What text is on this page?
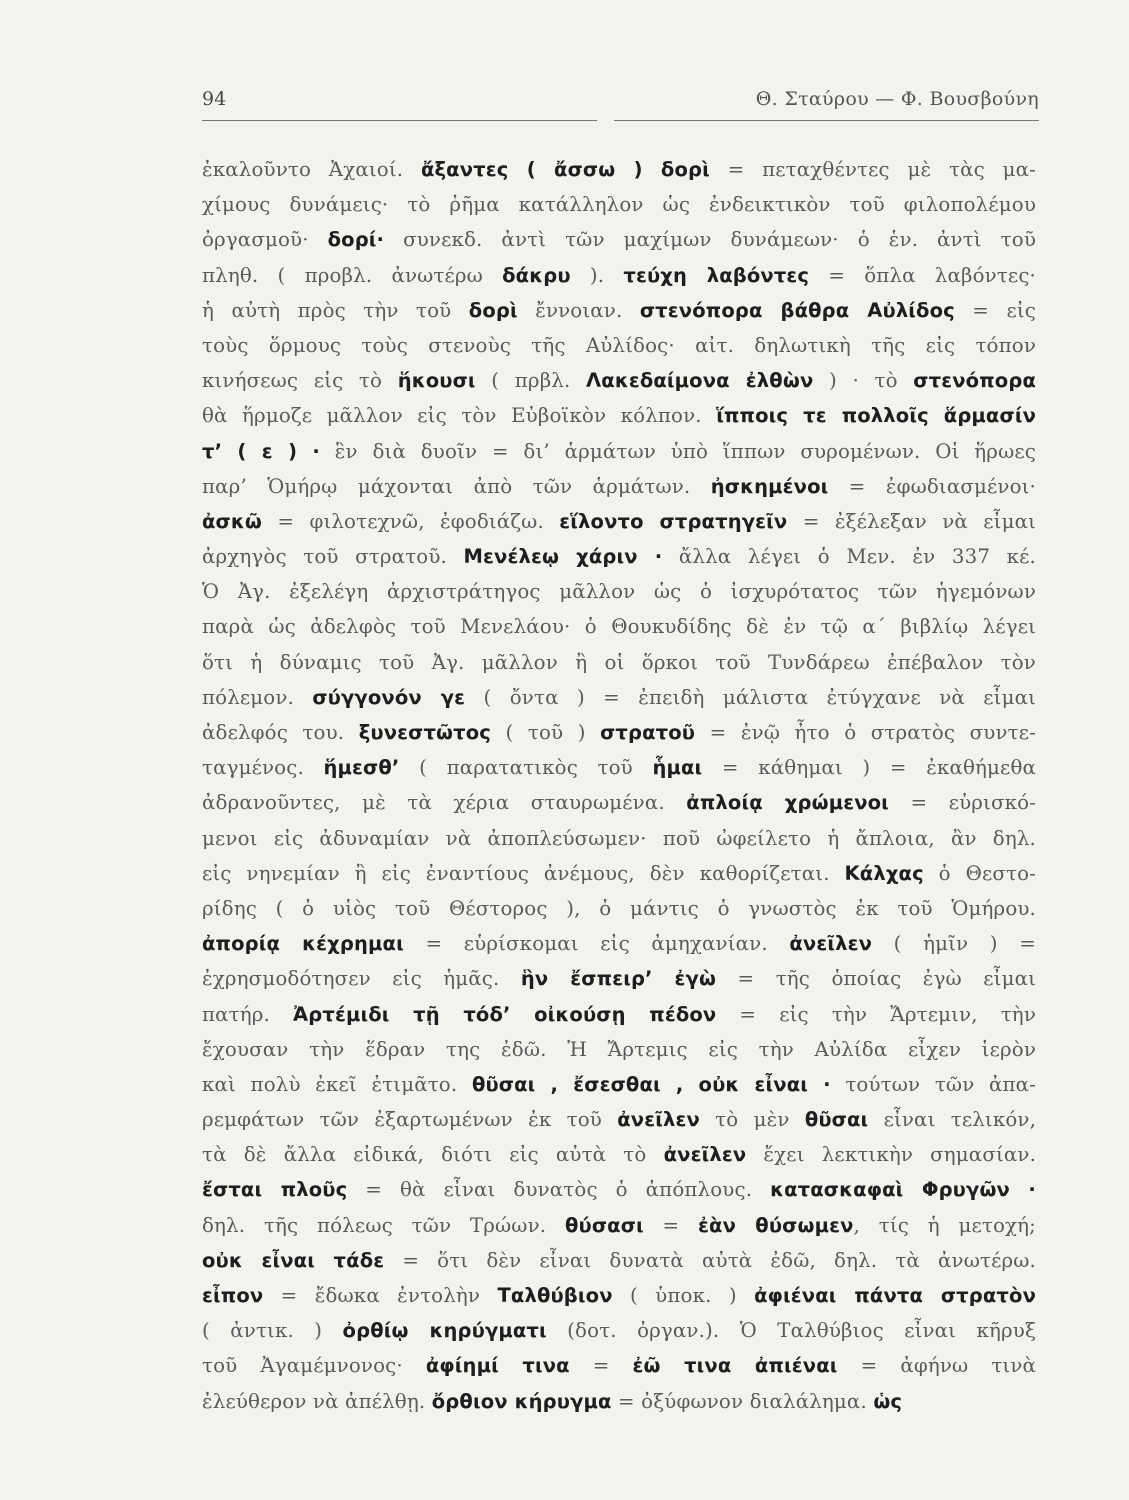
94	Θ. Σταύρου — Φ. Βουσβούνη
ἐκαλοῦντο Ἀχαιοί. ἄξαντες ( ἄσσω ) δορὶ = πεταχθέντες μὲ τὰς μα-
χίμους δυνάμεις· τὸ ῥῆμα κατάλληλον ὡς ἐνδεικτικὸν τοῦ φιλοπολέμου
ὀργασμοῦ· δορί· συνεκδ. ἀντὶ τῶν μαχίμων δυνάμεων· ὁ ἑν. ἀντὶ τοῦ
πληθ. ( προβλ. ἀνωτέρω δάκρυ ). τεύχη λαβόντες = ὅπλα λαβόντες·
ἡ αὐτὴ πρὸς τὴν τοῦ δορὶ ἔννοιαν. στενόπορα βάθρα Αὐλίδος = εἰς
τοὺς ὅρμους τοὺς στενοὺς τῆς Αὐλίδος· αἰτ. δηλωτικὴ τῆς εἰς τόπον
κινήσεως εἰς τὸ ἥκουσι ( πρβλ. Λακεδαίμονα ἐλθὼν ) · τὸ στενόπορα
θὰ ἥρμοζε μᾶλλον εἰς τὸν Εὐβοϊκὸν κόλπον. ἵπποις τε πολλοῖς ἅρμασίν
τ’ ( ε ) · ἓν διὰ δυοῖν = δι’ ἁρμάτων ὑπὸ ἵππων συρομένων. Οἱ ἥρωες
παρ’ Ὁμήρῳ μάχονται ἀπὸ τῶν ἁρμάτων. ἠσκημένοι = ἐφωδιασμένοι·
ἀσκῶ = φιλοτεχνῶ, ἐφοδιάζω. εἵλοντο στρατηγεῖν = ἐξέλεξαν νὰ εἶμαι
ἀρχηγὸς τοῦ στρατοῦ. Μενέλεῳ χάριν · ἄλλα λέγει ὁ Μεν. ἐν 337 κέ.
Ὁ Ἀγ. ἐξελέγη ἀρχιστράτηγος μᾶλλον ὡς ὁ ἰσχυρότατος τῶν ἡγεμόνων
παρὰ ὡς ἀδελφὸς τοῦ Μενελάου· ὁ Θουκυδίδης δὲ ἐν τῷ α΄ βιβλίῳ λέγει
ὅτι ἡ δύναμις τοῦ Ἀγ. μᾶλλον ἢ οἱ ὅρκοι τοῦ Τυνδάρεω ἐπέβαλον τὸν
πόλεμον. σύγγονόν γε ( ὄντα ) = ἐπειδὴ μάλιστα ἐτύγχανε νὰ εἶμαι
ἀδελφός του. ξυνεστῶτος ( τοῦ ) στρατοῦ = ἐνῷ ἦτο ὁ στρατὸς συντε-
ταγμένος. ἥμεσθ’ ( παρατατικὸς τοῦ ἧμαι = κάθημαι ) = ἐκαθήμεθα
ἀδρανοῦντες, μὲ τὰ χέρια σταυρωμένα. ἀπλοίᾳ χρώμενοι = εὑρισκό-
μενοι εἰς ἀδυναμίαν νὰ ἀποπλεύσωμεν· ποῦ ὠφείλετο ἡ ἄπλοια, ἂν δηλ.
εἰς νηνεμίαν ἢ εἰς ἐναντίους ἀνέμους, δὲν καθορίζεται. Κάλχας ὁ Θεστο-
ρίδης ( ὁ υἱὸς τοῦ Θέστορος ), ὁ μάντις ὁ γνωστὸς ἐκ τοῦ Ὁμήρου.
ἀπορίᾳ κέχρημαι = εὑρίσκομαι εἰς ἀμηχανίαν. ἀνεῖλεν ( ἡμῖν ) =
ἐχρησμοδότησεν εἰς ἡμᾶς. ἣν ἔσπειρ’ ἐγὼ = τῆς ὁποίας ἐγὼ εἶμαι
πατήρ. Ἀρτέμιδι τῇ τόδ’ οἰκούσῃ πέδον = εἰς τὴν Ἄρτεμιν, τὴν
ἔχουσαν τὴν ἕδραν της ἐδῶ. Ἡ Ἄρτεμις εἰς τὴν Αὐλίδα εἶχεν ἱερὸν
καὶ πολὺ ἐκεῖ ἐτιμᾶτο. θῦσαι , ἔσεσθαι , οὐκ εἶναι · τούτων τῶν ἀπα-
ρεμφάτων τῶν ἐξαρτωμένων ἐκ τοῦ ἀνεῖλεν τὸ μὲν θῦσαι εἶναι τελικόν,
τὰ δὲ ἄλλα εἰδικά, διότι εἰς αὐτὰ τὸ ἀνεῖλεν ἔχει λεκτικὴν σημασίαν.
ἔσται πλοῦς = θὰ εἶναι δυνατὸς ὁ ἀπόπλους. κατασκαφαὶ Φρυγῶν ·
δηλ. τῆς πόλεως τῶν Τρώων. θύσασι = ἐὰν θύσωμεν, τίς ἡ μετοχή;
οὐκ εἶναι τάδε = ὅτι δὲν εἶναι δυνατὰ αὐτὰ ἐδῶ, δηλ. τὰ ἀνωτέρω.
εἶπον = ἔδωκα ἐντολὴν Ταλθύβιον ( ὑποκ. ) ἀφιέναι πάντα στρατὸν
( ἀντικ. ) ὀρθίῳ κηρύγματι (δοτ. ὀργαν.). Ὁ Ταλθύβιος εἶναι κῆρυξ
τοῦ Ἀγαμέμνονος· ἀφίημί τινα = ἐῶ τινα ἀπιέναι = ἀφήνω τινὰ
ἐλεύθερον νὰ ἀπέλθῃ. ὄρθιον κήρυγμα = ὀξύφωνον διαλάλημα. ὡς
